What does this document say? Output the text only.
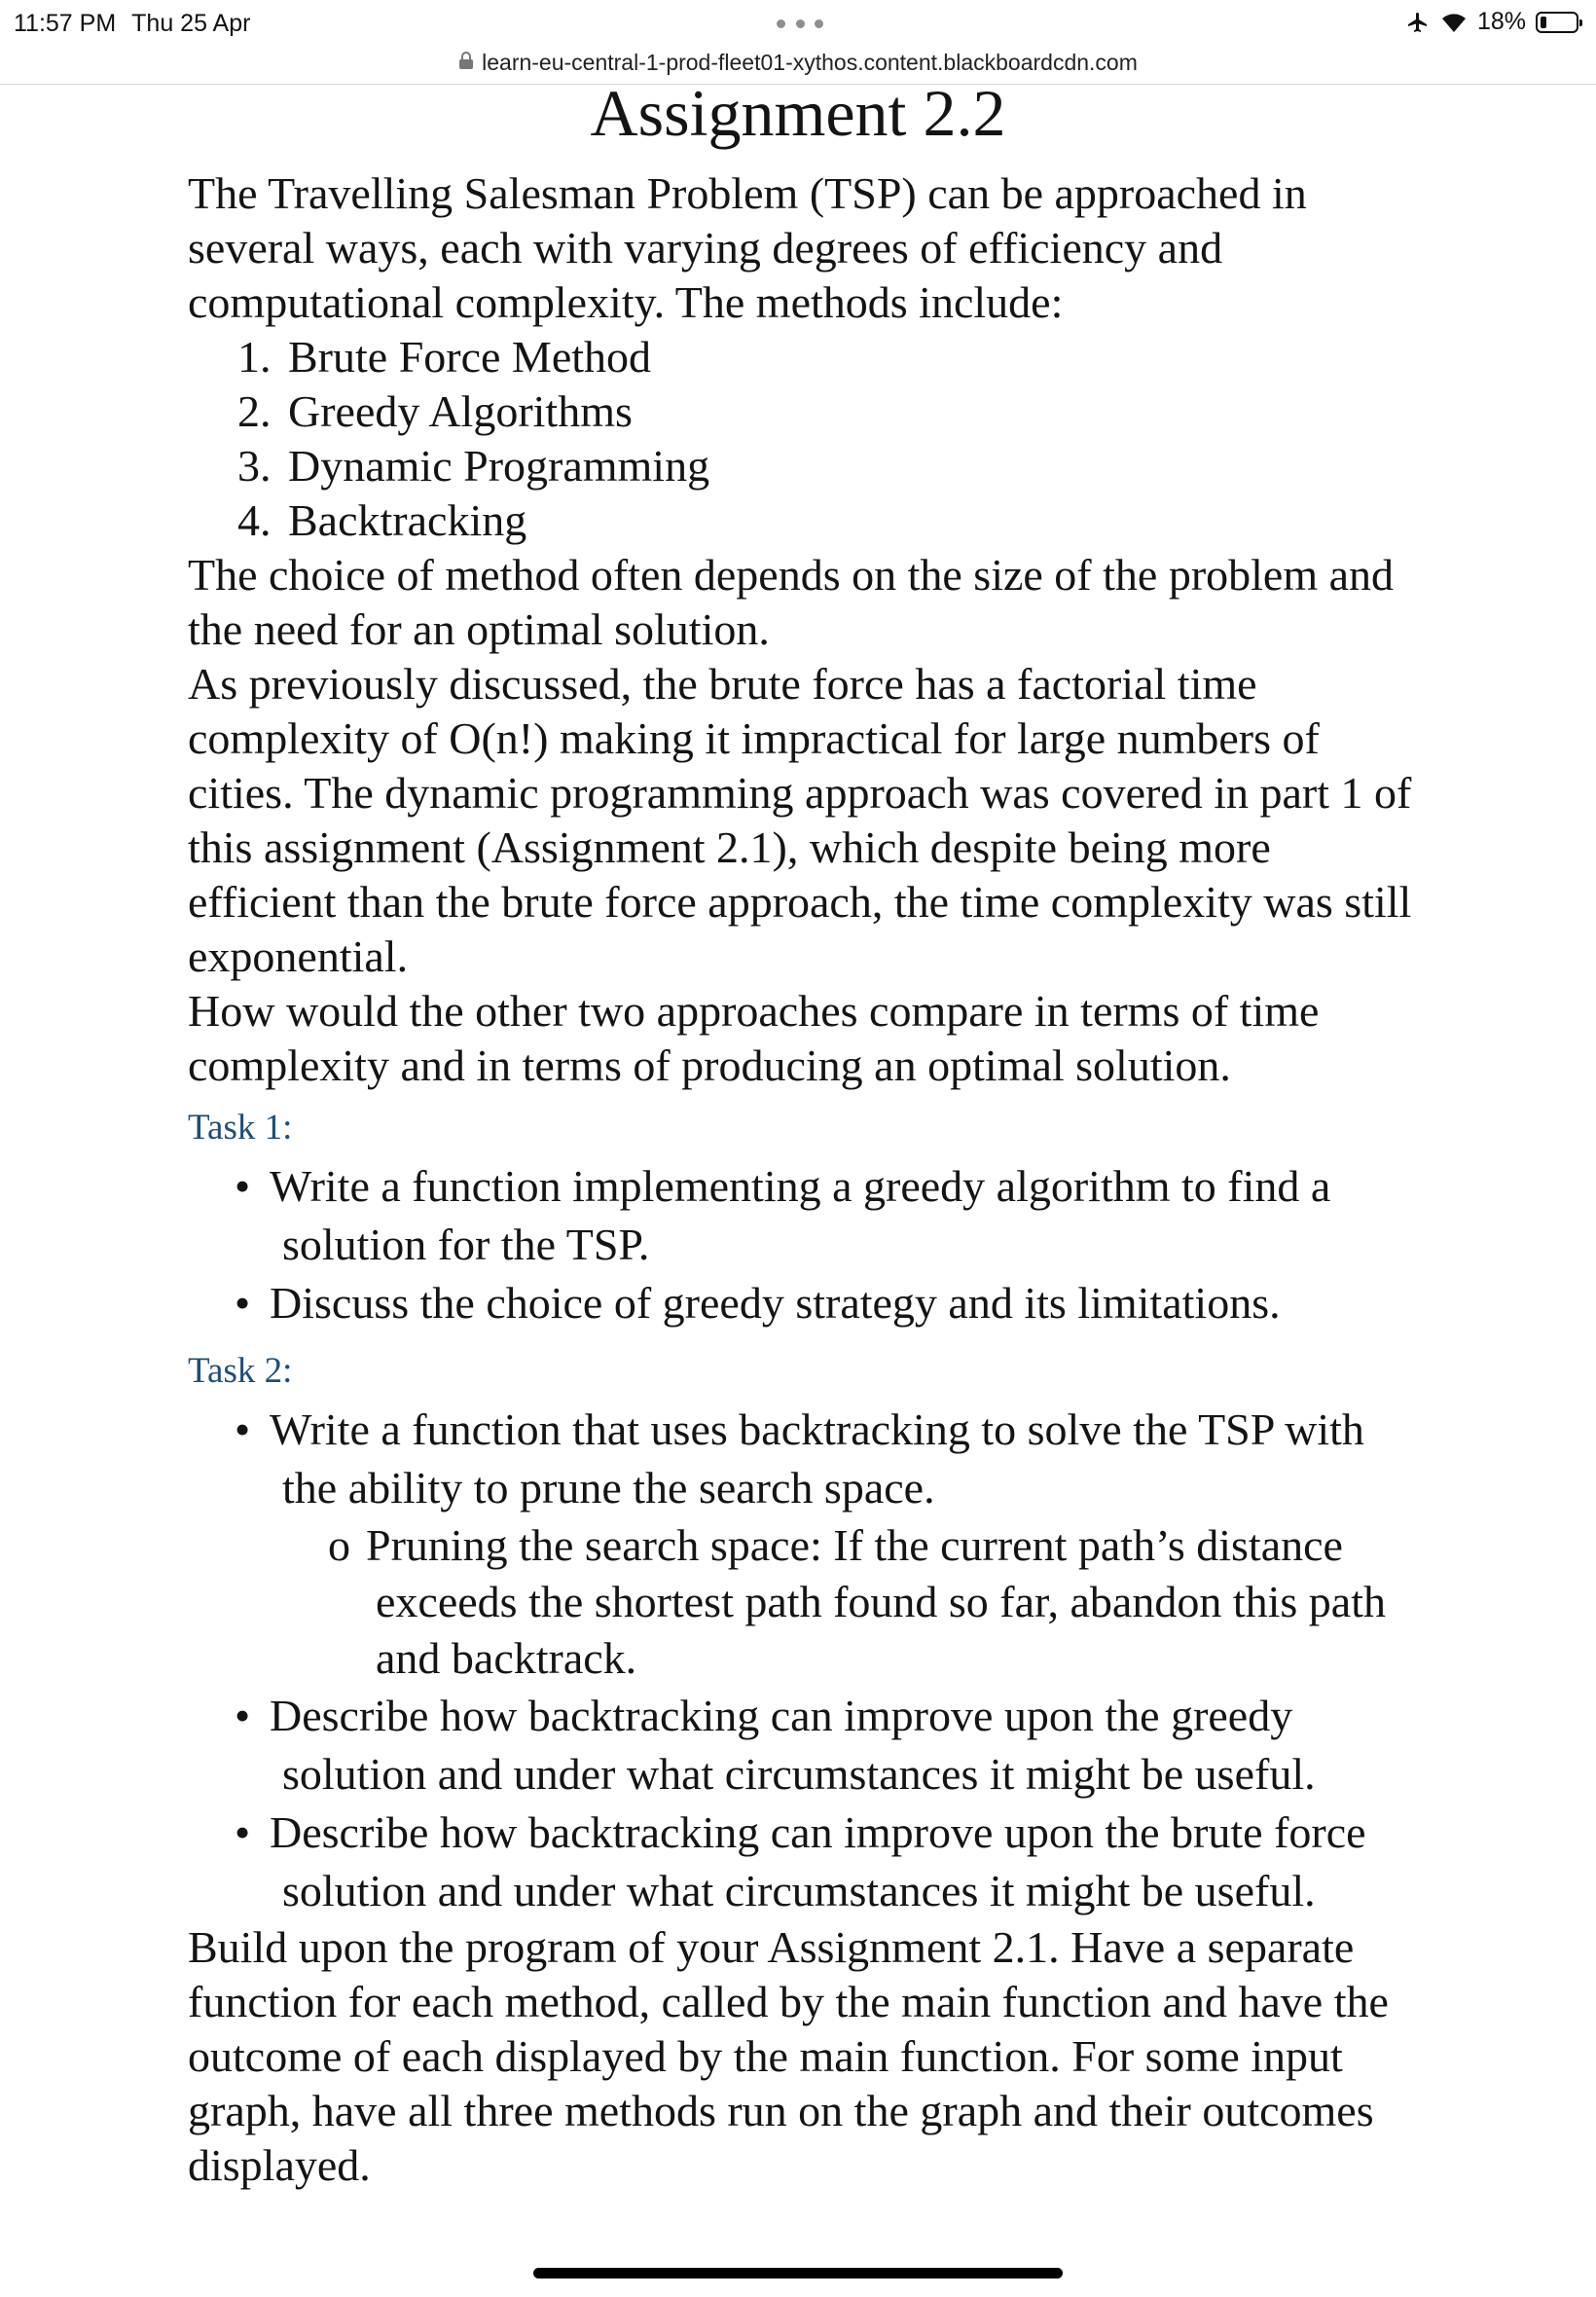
11:57 PM Thu 25 Apr	18%
learn-eu-central-1-prod-fleet01-xythos.content.blackboardcdn.com
Assignment 2.2

The Travelling Salesman Problem (TSP) can be approached in several ways, each with varying degrees of efficiency and computational complexity. The methods include:

1. Brute Force Method
2. Greedy Algorithms
3. Dynamic Programming
4. Backtracking

The choice of method often depends on the size of the problem and the need for an optimal solution.

As previously discussed, the brute force has a factorial time complexity of O(n!) making it impractical for large numbers of cities. The dynamic programming approach was covered in part 1 of this assignment (Assignment 2.1), which despite being more efficient than the brute force approach, the time complexity was still exponential.

How would the other two approaches compare in terms of time complexity and in terms of producing an optimal solution.

Task 1:

• Write a function implementing a greedy algorithm to find a solution for the TSP.
• Discuss the choice of greedy strategy and its limitations.

Task 2:

• Write a function that uses backtracking to solve the TSP with the ability to prune the search space.
o Pruning the search space: If the current path’s distance exceeds the shortest path found so far, abandon this path and backtrack.
• Describe how backtracking can improve upon the greedy solution and under what circumstances it might be useful.
• Describe how backtracking can improve upon the brute force solution and under what circumstances it might be useful.

Build upon the program of your Assignment 2.1. Have a separate function for each method, called by the main function and have the outcome of each displayed by the main function. For some input graph, have all three methods run on the graph and their outcomes displayed.
